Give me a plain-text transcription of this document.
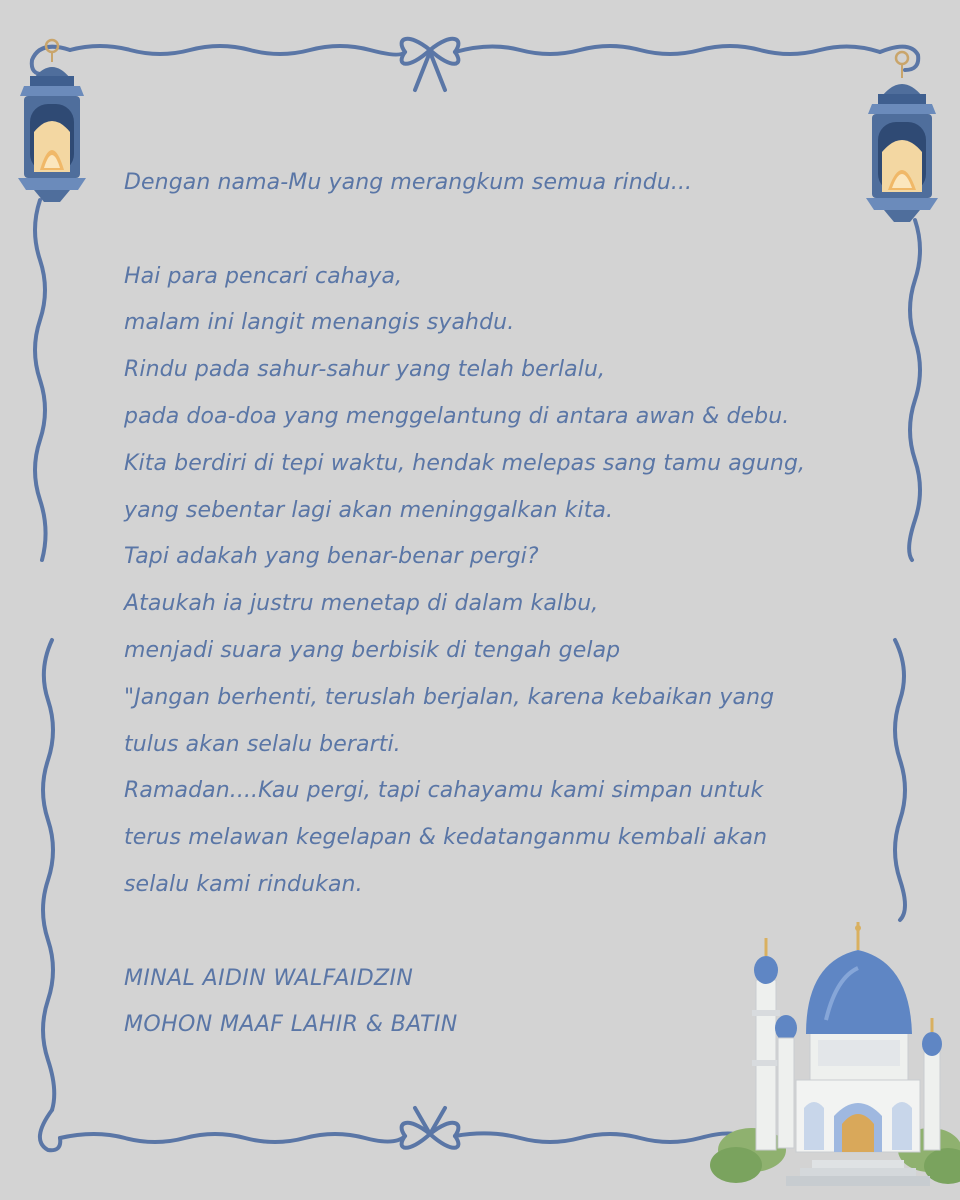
Dengan nama-Mu yang merangkum semua rindu...
Hai para pencari cahaya,
malam ini langit menangis syahdu.
Rindu pada sahur-sahur yang telah berlalu,
pada doa-doa yang menggelantung di antara awan & debu.
Kita berdiri di tepi waktu, hendak melepas sang tamu agung,
yang sebentar lagi akan meninggalkan kita.
Tapi adakah yang benar-benar pergi?
Ataukah ia justru menetap di dalam kalbu,
menjadi suara yang berbisik di tengah gelap
"Jangan berhenti, teruslah berjalan, karena kebaikan yang
tulus akan selalu berarti.
Ramadan....Kau pergi, tapi cahayamu kami simpan untuk
terus melawan kegelapan & kedatanganmu kembali akan
selalu kami rindukan.
MINAL AIDIN WALFAIDZIN
MOHON MAAF LAHIR & BATIN
